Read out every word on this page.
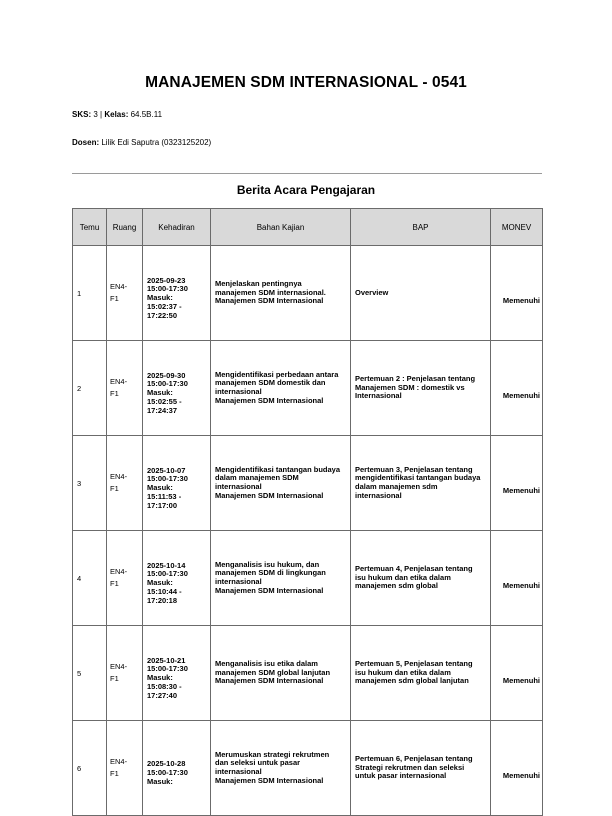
MANAJEMEN SDM INTERNASIONAL - 0541
SKS: 3 | Kelas: 64.5B.11
Dosen: Lilik Edi Saputra (0323125202)
Berita Acara Pengajaran
Temu	Ruang	Kehadiran	Bahan Kajian	BAP	MONEV
1	EN4-
F1	2025-09-23
15:00-17:30
Masuk:
15:02:37 -
17:22:50	Menjelaskan pentingnya
manajemen SDM internasional.
Manajemen SDM Internasional	Overview	Memenuhi
2	EN4-
F1	2025-09-30
15:00-17:30
Masuk:
15:02:55 -
17:24:37	Mengidentifikasi perbedaan antara
manajemen SDM domestik dan
internasional
Manajemen SDM Internasional	Pertemuan 2 : Penjelasan tentang
Manajemen SDM : domestik vs
Internasional	Memenuhi
3	EN4-
F1	2025-10-07
15:00-17:30
Masuk:
15:11:53 -
17:17:00	Mengidentifikasi tantangan budaya
dalam manajemen SDM
internasional
Manajemen SDM Internasional	Pertemuan 3, Penjelasan tentang
mengidentifikasi tantangan budaya
dalam manajemen sdm
internasional	Memenuhi
4	EN4-
F1	2025-10-14
15:00-17:30
Masuk:
15:10:44 -
17:20:18	Menganalisis isu hukum, dan
manajemen SDM di lingkungan
internasional
Manajemen SDM Internasional	Pertemuan 4, Penjelasan tentang
isu hukum dan etika dalam
manajemen sdm global	Memenuhi
5	EN4-
F1	2025-10-21
15:00-17:30
Masuk:
15:08:30 -
17:27:40	Menganalisis isu etika dalam
manajemen SDM global lanjutan
Manajemen SDM Internasional	Pertemuan 5, Penjelasan tentang
isu hukum dan etika dalam
manajemen sdm global lanjutan	Memenuhi
6	EN4-
F1	2025-10-28
15:00-17:30
Masuk:	Merumuskan strategi rekrutmen
dan seleksi untuk pasar
internasional
Manajemen SDM Internasional	Pertemuan 6, Penjelasan tentang
Strategi rekrutmen dan seleksi
untuk pasar internasional	Memenuhi
